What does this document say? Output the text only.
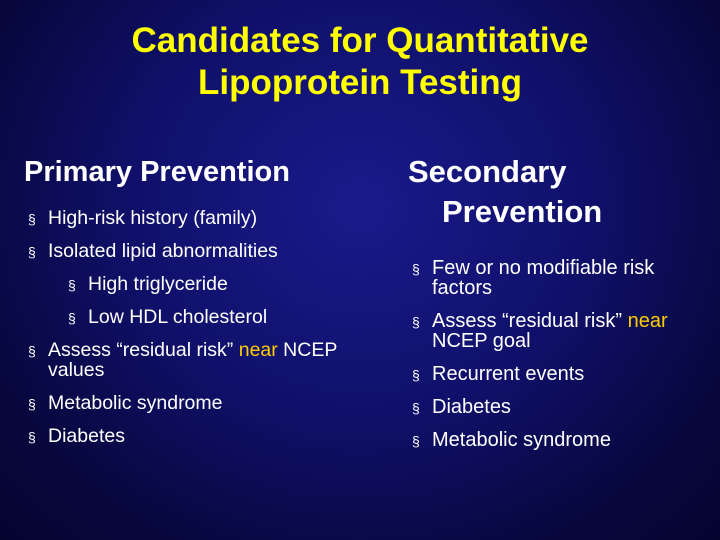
Candidates for Quantitative
Lipoprotein Testing
Primary Prevention
§ High-risk history (family)
§ Isolated lipid abnormalities
§ High triglyceride
§ Low HDL cholesterol
§ Assess “residual risk” near NCEP values
§ Metabolic syndrome
§ Diabetes
Secondary
Prevention
§ Few or no modifiable risk factors
§ Assess “residual risk” near NCEP goal
§ Recurrent events
§ Diabetes
§ Metabolic syndrome
